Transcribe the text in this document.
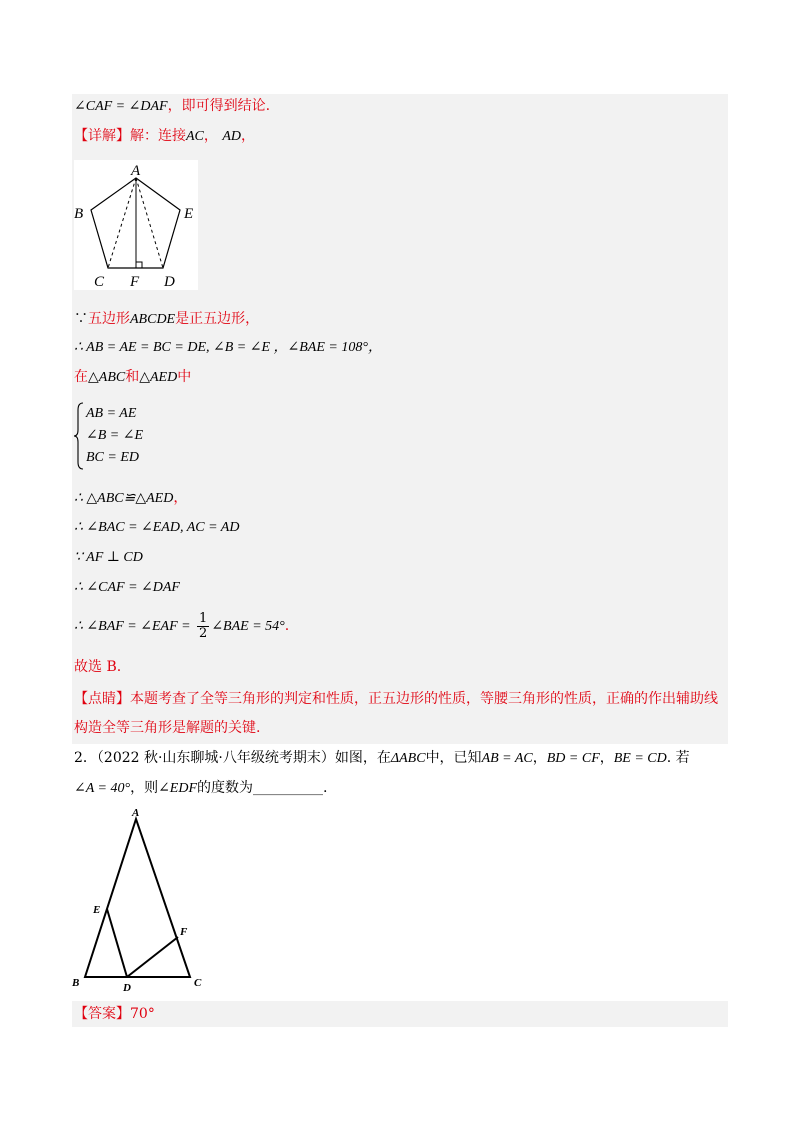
∠CAF = ∠DAF，即可得到结论.
【详解】解：连接AC， AD，
A
B	E
C F D
∵五边形ABCDE是正五边形，
∴ AB = AE = BC = DE, ∠B = ∠E ，∠BAE = 108°，
在△ABC和△AED中
AB = AE
∠B = ∠E
BC = ED
∴ △ABC≌△AED，
∴ ∠BAC = ∠EAD, AC = AD
∵ AF ⊥ CD
∴ ∠CAF = ∠DAF
∴ ∠BAF = ∠EAF = $\frac{1}{2}$ ∠BAE = 54°.
故选 B.
【点睛】本题考查了全等三角形的判定和性质，正五边形的性质，等腰三角形的性质，正确的作出辅助线
构造全等三角形是解题的关键.
2．（2022 秋·山东聊城·八年级统考期末）如图，在ΔABC中，已知AB = AC，BD = CF，BE = CD. 若
∠A = 40°，则∠EDF的度数为__________.
A
E
F
B	D	C
【答案】70°
